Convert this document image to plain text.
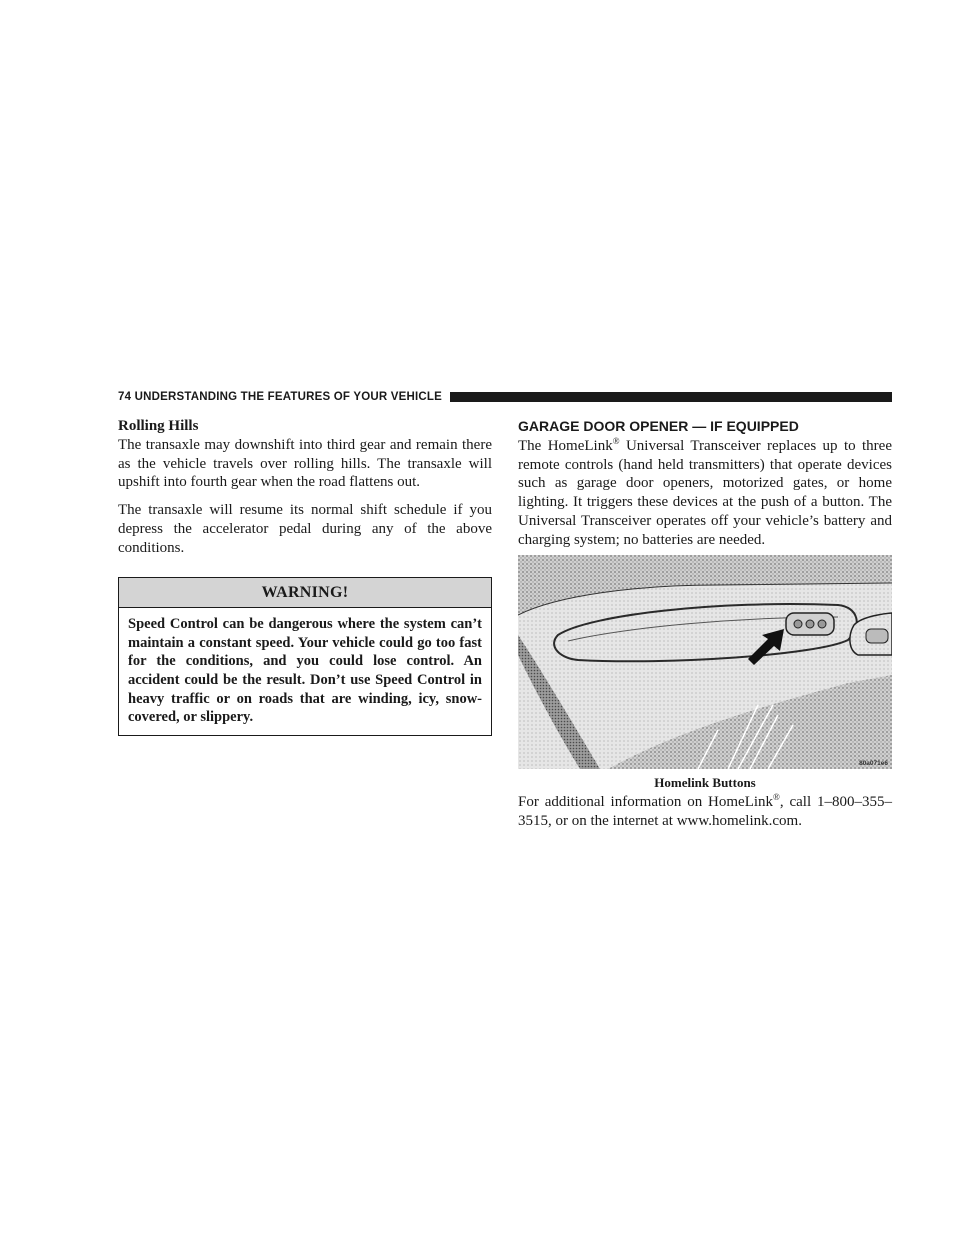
74 UNDERSTANDING THE FEATURES OF YOUR VEHICLE
Rolling Hills

The transaxle may downshift into third gear and remain there as the vehicle travels over rolling hills. The transaxle will upshift into fourth gear when the road flattens out.

The transaxle will resume its normal shift schedule if you depress the accelerator pedal during any of the above conditions.

WARNING!
Speed Control can be dangerous where the system can’t maintain a constant speed. Your vehicle could go too fast for the conditions, and you could lose control. An accident could be the result. Don’t use Speed Control in heavy traffic or on roads that are winding, icy, snow-covered, or slippery.
GARAGE DOOR OPENER — IF EQUIPPED

The HomeLink® Universal Transceiver replaces up to three remote controls (hand held transmitters) that operate devices such as garage door openers, motorized gates, or home lighting. It triggers these devices at the push of a button. The Universal Transceiver operates off your vehicle’s battery and charging system; no batteries are needed.

80a071e6
Homelink Buttons

For additional information on HomeLink®, call 1–800–355–3515, or on the internet at www.homelink.com.
